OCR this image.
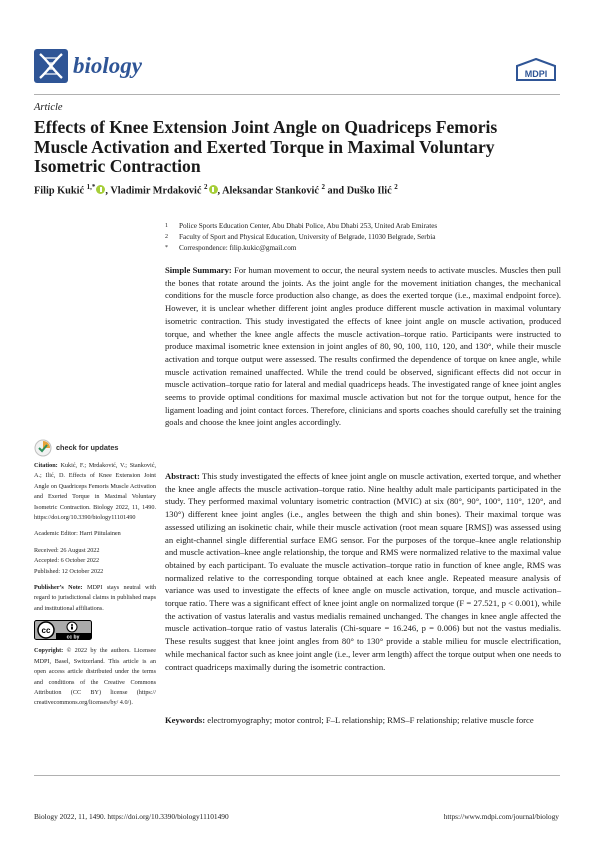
biology	MDPI
Article
Effects of Knee Extension Joint Angle on Quadriceps Femoris Muscle Activation and Exerted Torque in Maximal Voluntary Isometric Contraction
Filip Kukić $^{1,*}$ , Vladimir Mrdaković $^2$ , Aleksandar Stanković $^2$ and Duško Ilić $^2$
1	Police Sports Education Center, Abu Dhabi Police, Abu Dhabi 253, United Arab Emirates
2	Faculty of Sport and Physical Education, University of Belgrade, 11030 Belgrade, Serbia
*	Correspondence: filip.kukic@gmail.com
Simple Summary: For human movement to occur, the neural system needs to activate muscles. Muscles then pull the bones that rotate around the joints. As the joint angle for the movement initiation changes, the mechanical conditions for the muscle force production also change, as does the exerted torque (i.e., maximal endpoint force). However, it is unclear whether different joint angles produce different muscle activation in maximal voluntary isometric contraction. This study investigated the effects of knee joint angle on muscle activation, produced torque, and whether the knee angle affects the muscle activation–torque ratio. Participants were instructed to produce maximal isometric knee extension in joint angles of 80, 90, 100, 110, 120, and 130°, while their muscle activation and torque output were assessed. The results confirmed the dependence of torque on knee angle, while muscle activation remained unaffected. While the trend could be observed, significant effects did not occur in muscle activation–torque ratio for lateral and medial quadriceps heads. The investigated range of knee joint angles seems to provide optimal conditions for maximal muscle activation but not for the torque output, hence for the ligament loading and joint contact forces. Therefore, clinicians and sports coaches should carefully set the training goals and choose the knee joint angles accordingly.
Abstract: This study investigated the effects of knee joint angle on muscle activation, exerted torque, and whether the knee angle affects the muscle activation–torque ratio. Nine healthy adult male participants participated in the study. They performed maximal voluntary isometric contraction (MVIC) at six (80°, 90°, 100°, 110°, 120°, and 130°) different knee joint angles (i.e., angles between the thigh and shin bones). Their maximal torque was assessed utilizing an isokinetic chair, while their muscle activation (root mean square [RMS]) was assessed using an eight-channel single differential surface EMG sensor. For the purposes of the torque–knee angle relationship and muscle activation–knee angle relationship, the torque and RMS were normalized relative to the maximal value obtained by each participant. To evaluate the muscle activation–torque ratio in function of knee angle, RMS was normalized relative to the corresponding torque obtained at each knee angle. Repeated measure analysis of variance was used to investigate the effects of knee angle on muscle activation, torque, and muscle activation–torque ratio. There was a significant effect of knee joint angle on normalized torque (F = 27.521, p < 0.001), while the activation of vastus lateralis and vastus medialis remained unchanged. The changes in knee angle affected the muscle activation–torque ratio of vastus lateralis (Chi-square = 16.246, p = 0.006) but not the vastus medialis. These results suggest that knee joint angles from 80° to 130° provide a stable milieu for muscle electrification, while mechanical factor such as knee joint angle (i.e., lever arm length) affect the torque output when one needs to contract quadriceps maximally during the isometric contraction.
Keywords: electromyography; motor control; F–L relationship; RMS–F relationship; relative muscle force
check for updates
Citation: Kukić, F.; Mrdaković, V.; Stanković, A.; Ilić, D. Effects of Knee Extension Joint Angle on Quadriceps Femoris Muscle Activation and Exerted Torque in Maximal Voluntary Isometric Contraction. Biology 2022, 11, 1490. https://doi.org/10.3390/biology11101490
Academic Editor: Harri Piitulainen
Received: 26 August 2022
Accepted: 6 October 2022
Published: 12 October 2022
Publisher’s Note: MDPI stays neutral with regard to jurisdictional claims in published maps and institutional affiliations.
cc
cc by
Copyright: © 2022 by the authors. Licensee MDPI, Basel, Switzerland. This article is an open access article distributed under the terms and conditions of the Creative Commons Attribution (CC BY) license (https:// creativecommons.org/licenses/by/ 4.0/).
Biology 2022, 11, 1490. https://doi.org/10.3390/biology11101490	https://www.mdpi.com/journal/biology
